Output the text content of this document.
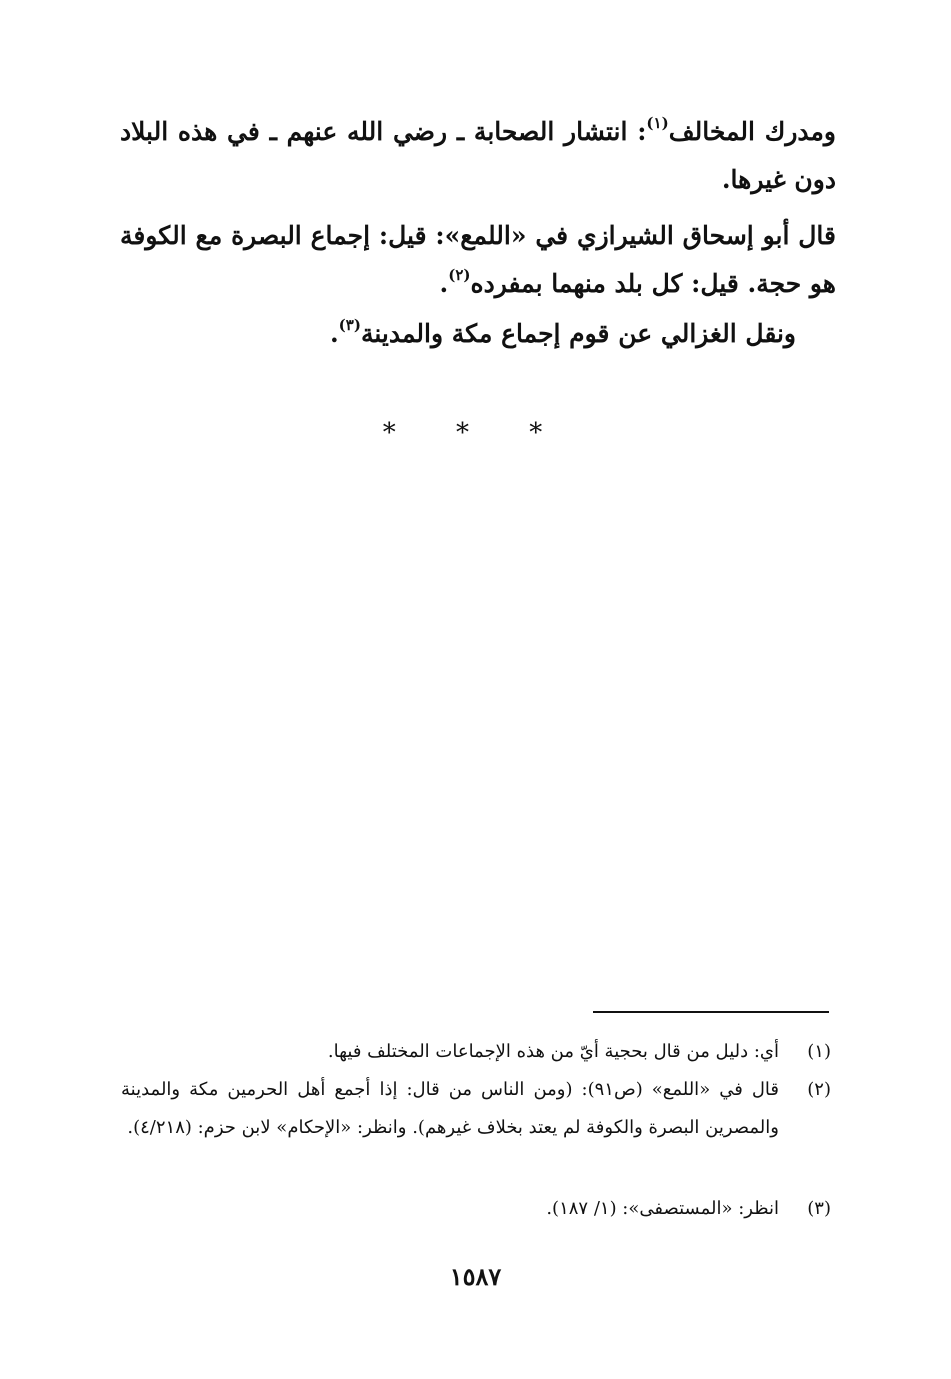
ومدرك المخالف$^{(١)}$: انتشار الصحابة ـ رضي الله عنهم ـ في هذه البلاد دون غيرها.

قال أبو إسحاق الشيرازي في «اللمع»: قيل: إجماع البصرة مع الكوفة هو حجة. قيل: كل بلد منهما بمفرده$^{(٢)}$.

ونقل الغزالي عن قوم إجماع مكة والمدينة$^{(٣)}$.

* * *
(١)
أي: دليل من قال بحجية أيّ من هذه الإجماعات المختلف فيها.
(٢)
قال في «اللمع» (ص٩١): (ومن الناس من قال: إذا أجمع أهل الحرمين مكة والمدينة والمصرين البصرة والكوفة لم يعتد بخلاف غيرهم). وانظر: «الإحكام» لابن حزم: (٤/٢١٨).
(٣)
انظر: «المستصفى»: (١/ ١٨٧).
١٥٨٧
